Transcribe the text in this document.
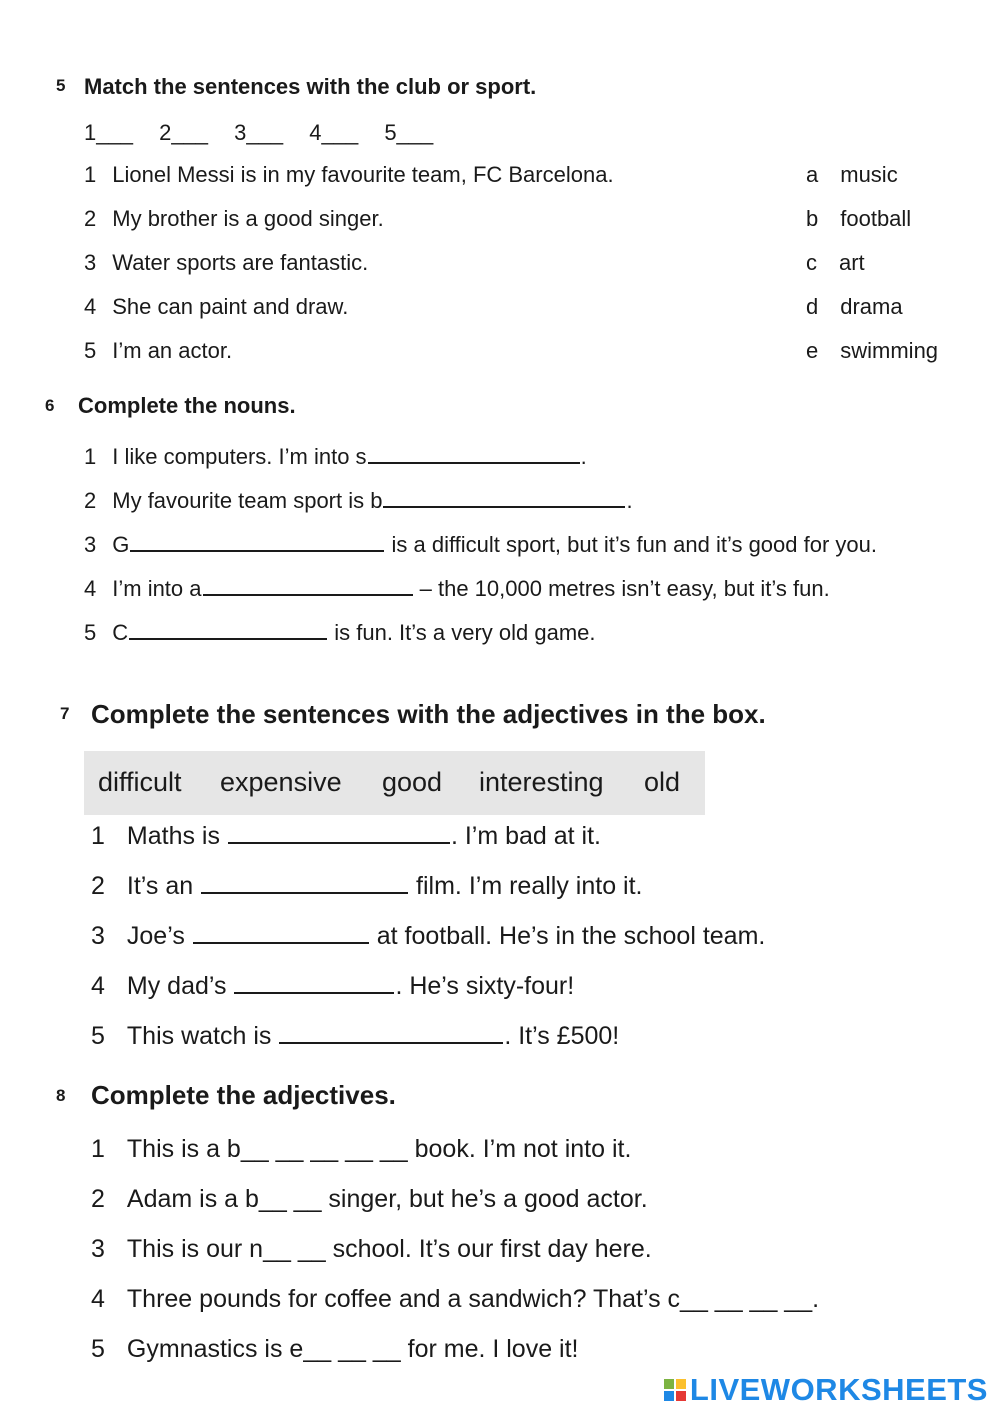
5 Match the sentences with the club or sport.
1___ 2___ 3___ 4___ 5___
1 Lionel Messi is in my favourite team, FC Barcelona.
2 My brother is a good singer.
3 Water sports are fantastic.
4 She can paint and draw.
5 I’m an actor.
a music
b football
c art
d drama
e swimming
6 Complete the nouns.
1 I like computers. I’m into s	.
2 My favourite team sport is b	.
3 G	is a difficult sport, but it’s fun and it’s good for you.
4 I’m into a	– the 10,000 metres isn’t easy, but it’s fun.
5 C	is fun. It’s a very old game.
7 Complete the sentences with the adjectives in the box.
difficult expensive good interesting old
1 Maths is	. I’m bad at it.
2 It’s an	film. I’m really into it.
3 Joe’s	at football. He’s in the school team.
4 My dad’s	. He’s sixty-four!
5 This watch is	. It’s £500!
8 Complete the adjectives.
1 This is a b__ __ __ __ __ book. I’m not into it.
2 Adam is a b__ __ singer, but he’s a good actor.
3 This is our n__ __ school. It’s our first day here.
4 Three pounds for coffee and a sandwich? That’s c__ __ __ __.
5 Gymnastics is e__ __ __ for me. I love it!
LIVEWORKSHEETS
